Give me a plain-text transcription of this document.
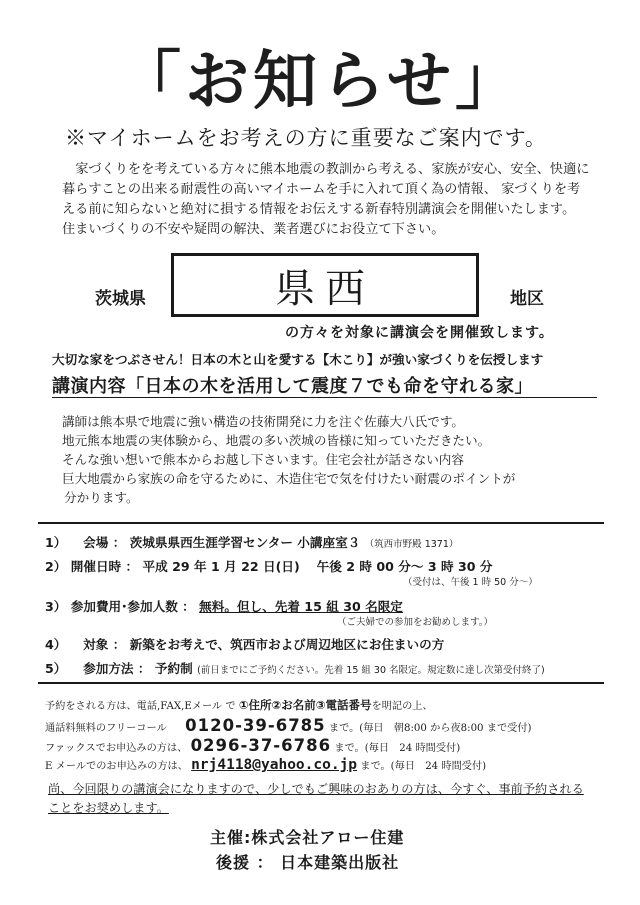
「お知らせ」
※マイホームをお考えの方に重要なご案内です。

家づくりをを考えている方々に熊本地震の教訓から考える、家族が安心、安全、快適に

暮らすことの出来る耐震性の高いマイホームを手に入れて頂く為の情報、 家づくりを考

える前に知らないと絶対に損する情報をお伝えする新春特別講演会を開催いたします。

住まいづくりの不安や疑問の解決、業者選びにお役立て下さい。

茨城県	県西	地区
の方々を対象に講演会を開催致します。
大切な家をつぶさせん！日本の木と山を愛する【木こり】が強い家づくりを伝授します
講演内容「日本の木を活用して震度７でも命を守れる家」

講師は熊本県で地震に強い構造の技術開発に力を注ぐ佐藤大八氏です。

地元熊本地震の実体験から、地震の多い茨城の皆様に知っていただきたい。

そんな強い想いで熊本からお越し下さいます。住宅会社が話さない内容

巨大地震から家族の命を守るために、木造住宅で気を付けたい耐震のポイントが

分かります。

1） 会場 ： 茨城県県西生涯学習センター 小講座室３ （筑西市野殿 1371）
2） 開催日時 ： 平成 29 年 1 月 22 日(日)　 午後 2 時 00 分～ 3 時 30 分
（受付は、午後 1 時 50 分～）
3） 参加費用･参加人数 ： 無料。但し、先着 15 組 30 名限定
（ご夫婦での参加をお勧めします。）
4） 対象 ： 新築をお考えで、筑西市および周辺地区にお住まいの方
5） 参加方法 ： 予約制 (前日までにご予約ください。先着 15 組 30 名限定。規定数に達し次第受付終了)
予約をされる方は、電話,FAX,Eメール で ①住所②お名前③電話番号を明記の上、
通話料無料のフリーコール 0120-39-6785 まで。(毎日　朝8:00 から夜8:00 まで受付)
ファックスでお申込みの方は、 0296-37-6786 まで。(毎日　24 時間受付)
E メールでのお申込みの方は、 nrj4118@yahoo.co.jp まで。(毎日　24 時間受付)
尚、今回限りの講演会になりますので、少しでもご興味のおありの方は、今すぐ、事前予約される ことをお奨めします。
主催:株式会社アロー住建
後援 ： 日本建築出版社
